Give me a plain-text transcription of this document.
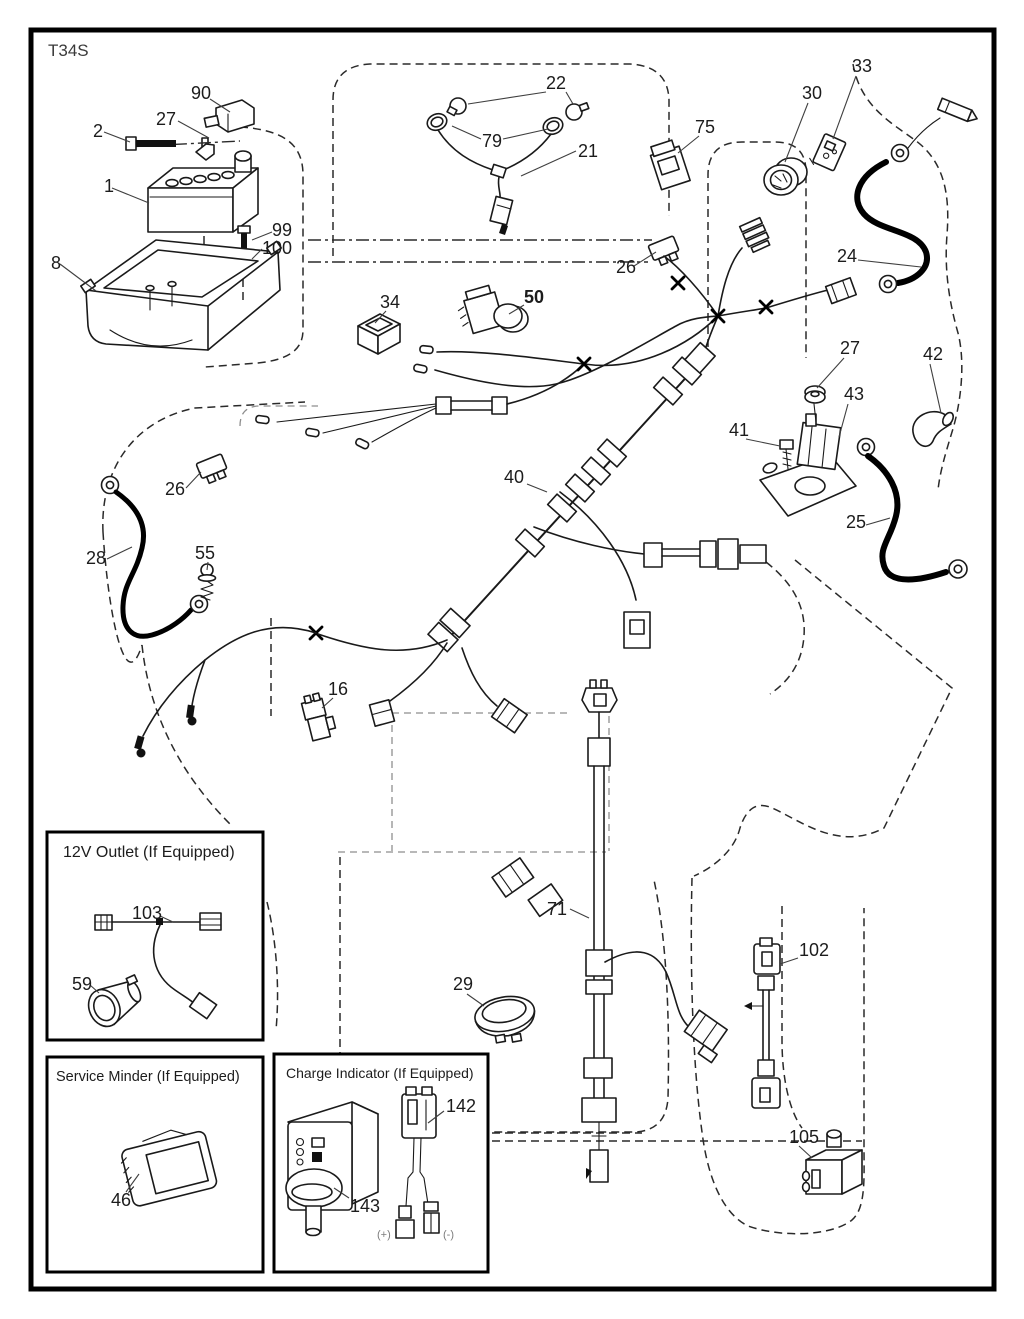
T34S
12V Outlet (If Equipped)
Service Minder (If Equipped)	Charge Indicator (If Equipped)
(+)	(-)
90
2
27
1
99
100
8
22
79	21
75
30
33
24
26
34	50
27	42
43
41
25
26
28	55
40
16
71
29
102
105
103
59
46
142
143
